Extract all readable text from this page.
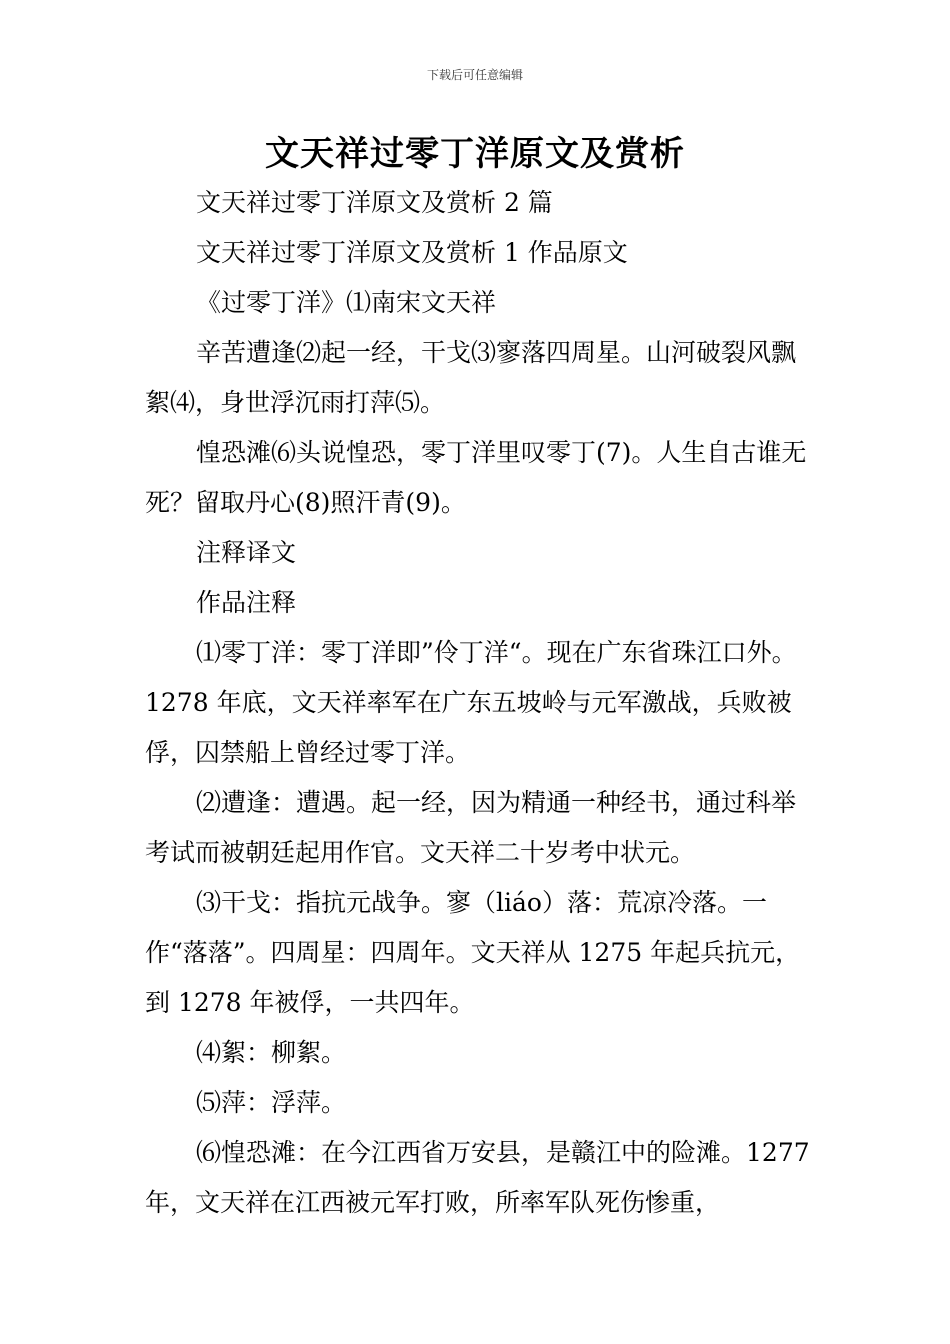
下载后可任意编辑
文天祥过零丁洋原文及赏析

文天祥过零丁洋原文及赏析 2 篇

文天祥过零丁洋原文及赏析 1 作品原文

《过零丁洋》⑴南宋文天祥

辛苦遭逢⑵起一经，干戈⑶寥落四周星。山河破裂风飘絮⑷，身世浮沉雨打萍⑸。

惶恐滩⑹头说惶恐，零丁洋里叹零丁(7)。人生自古谁无死？留取丹心(8)照汗青(9)。

注释译文

作品注释

⑴零丁洋：零丁洋即”伶丁洋“。现在广东省珠江口外。1278 年底，文天祥率军在广东五坡岭与元军激战，兵败被俘，囚禁船上曾经过零丁洋。

⑵遭逢：遭遇。起一经，因为精通一种经书，通过科举考试而被朝廷起用作官。文天祥二十岁考中状元。

⑶干戈：指抗元战争。寥（liáo）落：荒凉冷落。一作“落落”。四周星：四周年。文天祥从 1275 年起兵抗元，到 1278 年被俘，一共四年。

⑷絮：柳絮。

⑸萍：浮萍。

⑹惶恐滩：在今江西省万安县，是赣江中的险滩。1277 年，文天祥在江西被元军打败，所率军队死伤惨重，
